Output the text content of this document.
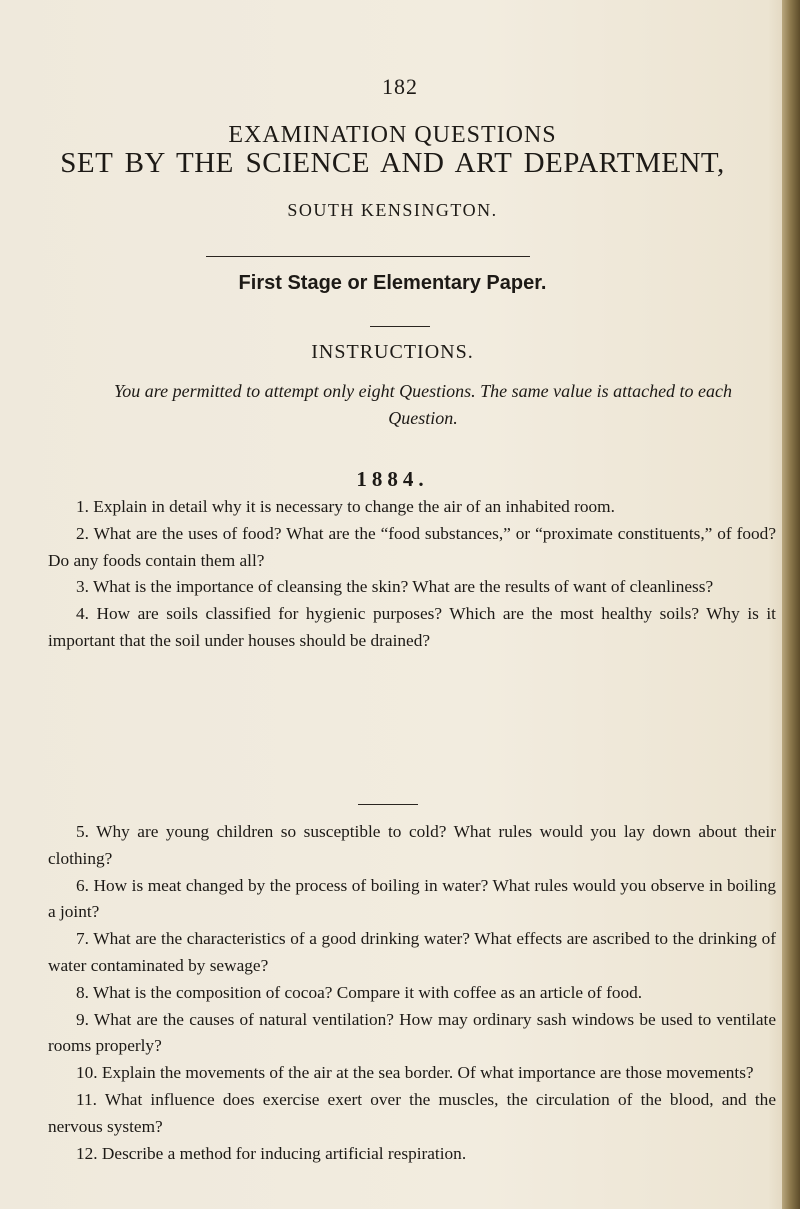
182
EXAMINATION QUESTIONS
SET BY THE SCIENCE AND ART DEPARTMENT,
SOUTH KENSINGTON.
First Stage or Elementary Paper.
INSTRUCTIONS.
You are permitted to attempt only eight Questions. The same value is attached to each Question.
1884.
1. Explain in detail why it is necessary to change the air of an inhabited room.
2. What are the uses of food? What are the “food substances,” or “proximate constituents,” of food? Do any foods contain them all?
3. What is the importance of cleansing the skin? What are the results of want of cleanliness?
4. How are soils classified for hygienic purposes? Which are the most healthy soils? Why is it important that the soil under houses should be drained?
5. Why are young children so susceptible to cold? What rules would you lay down about their clothing?
6. How is meat changed by the process of boiling in water? What rules would you observe in boiling a joint?
7. What are the characteristics of a good drinking water? What effects are ascribed to the drinking of water contaminated by sewage?
8. What is the composition of cocoa? Compare it with coffee as an article of food.
9. What are the causes of natural ventilation? How may ordinary sash windows be used to ventilate rooms properly?
10. Explain the movements of the air at the sea border. Of what importance are those movements?
11. What influence does exercise exert over the muscles, the circulation of the blood, and the nervous system?
12. Describe a method for inducing artificial respiration.
